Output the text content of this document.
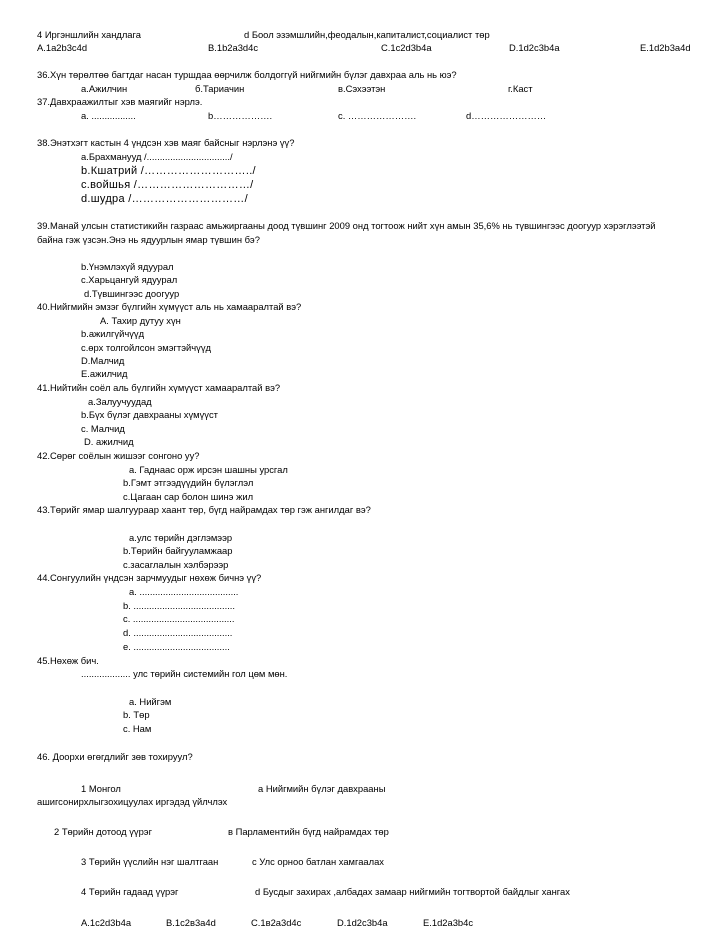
4 Иргэншлийн хандлага	d Боол эзэмшлийн,феодалын,капиталист,социалист төр
A.1a2b3c4d	B.1b2a3d4c	C.1c2d3b4a	D.1d2c3b4a	E.1d2b3a4d
36.Хүн төрөлтөө багтдаг насан туршдаа өөрчилж болдоггүй нийгмийн бүлэг давхраа аль нь юэ?
a.Ажилчин	б.Тариачин	в.Сэхээтэн	г.Каст
37.Давхраажилтыг хэв маягийг нэрлэ.
a. .................	b……………….	c. ………………….	d……………………
38.Энэтхэгт кастын 4 үндсэн хэв маяг байсныг нэрлэнэ үү?
a.Брахманууд /................................/
b.Кшатрий /………………………../
c.войшья /…………………………/
d.шудра /…………………………/
39.Манай улсын статистикийн газраас амьжиргааны доод түвшинг 2009 онд тогтоож нийт хүн амын 35,6% нь түвшингээс доогуур хэрэглээтэй
байна гэж үзсэн.Энэ нь ядуурлын ямар түвшин бэ?
b.Үнэмлэхүй ядуурал
c.Харьцангуй ядуурал
d.Түвшингээс доогуур
40.Нийгмийн эмзэг бүлгийн хүмүүст аль нь хамааралтай вэ?
A. Тахир дутуу хүн
b.ажилгүйчүүд
c.өрх толгойлсон эмэгтэйчүүд
D.Малчид
E.ажилчид
41.Нийтийн соёл аль бүлгийн хүмүүст хамааралтай вэ?
a.Залуучуудад
b.Бүх бүлэг давхрааны хүмүүст
c. Малчид
D. ажилчид
42.Сөрөг соёлын жишээг сонгоно уу?
a. Гаднаас орж ирсэн шашны урсгал
b.Гэмт этгээдүүдийн бүлэглэл
c.Цагаан сар болон шинэ жил
43.Төрийг ямар шалгуураар хаант төр, бүгд найрамдах төр гэж ангилдаг вэ?
a.улс төрийн дэглэмээр
b.Төрийн байгууламжаар
c.засаглалын хэлбэрээр
44.Сонгуулийн үндсэн зарчмуудыг нөхөж бичнэ үү?
a. ......................................
b. .......................................
c. .......................................
d. ......................................
e. .....................................
45.Нөхөж бич.
................... улс төрийн системийн гол цөм мөн.
a. Нийгэм
b. Төр
c. Нам
46. Доорхи өгөгдлийг зөв тохируул?
1 Монгол	a Нийгмийн бүлэг давхрааны
ашигсонирхлыгзохицуулах иргэдэд үйлчлэх
2 Төрийн дотоод үүрэг	в Парламентийн бүгд найрамдах төр
3 Төрийн үүслийн нэг шалтгаан	c Улс орноо батлан хамгаалах
4 Төрийн гадаад үүрэг	d Бусдыг захирах ,албадах замаар нийгмийн тогтвортой байдлыг хангах
A.1c2d3b4a	B.1c2в3a4d	C.1в2a3d4c	D.1d2c3b4a	E.1d2a3b4c
